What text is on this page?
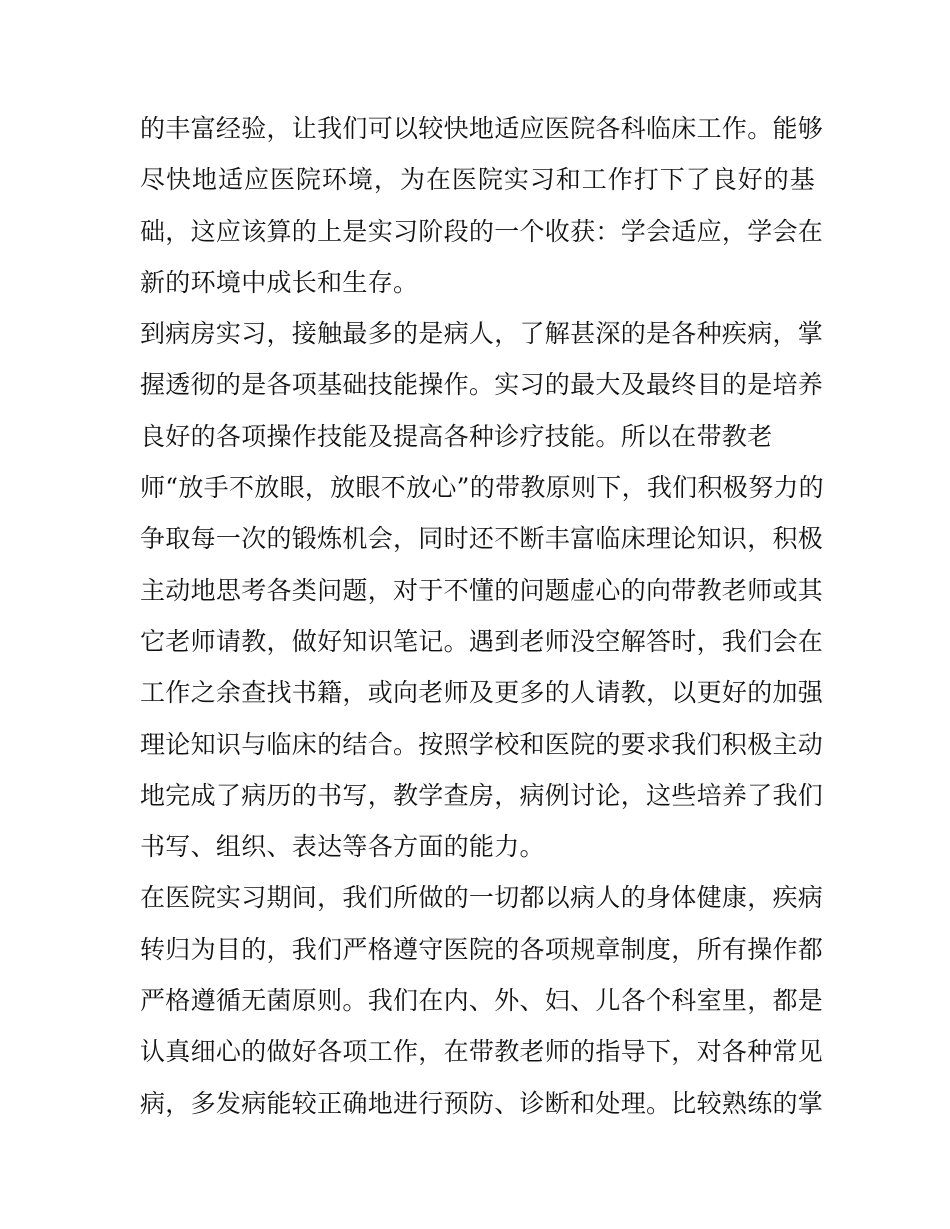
的丰富经验，让我们可以较快地适应医院各科临床工作。能够
尽快地适应医院环境，为在医院实习和工作打下了良好的基
础，这应该算的上是实习阶段的一个收获：学会适应，学会在
新的环境中成长和生存。
到病房实习，接触最多的是病人，了解甚深的是各种疾病，掌
握透彻的是各项基础技能操作。实习的最大及最终目的是培养
良好的各项操作技能及提高各种诊疗技能。所以在带教老
师“放手不放眼，放眼不放心”的带教原则下，我们积极努力的
争取每一次的锻炼机会，同时还不断丰富临床理论知识，积极
主动地思考各类问题，对于不懂的问题虚心的向带教老师或其
它老师请教，做好知识笔记。遇到老师没空解答时，我们会在
工作之余查找书籍，或向老师及更多的人请教，以更好的加强
理论知识与临床的结合。按照学校和医院的要求我们积极主动
地完成了病历的书写，教学查房，病例讨论，这些培养了我们
书写、组织、表达等各方面的能力。
在医院实习期间，我们所做的一切都以病人的身体健康，疾病
转归为目的，我们严格遵守医院的各项规章制度，所有操作都
严格遵循无菌原则。我们在内、外、妇、儿各个科室里，都是
认真细心的做好各项工作，在带教老师的指导下，对各种常见
病，多发病能较正确地进行预防、诊断和处理。比较熟练的掌
